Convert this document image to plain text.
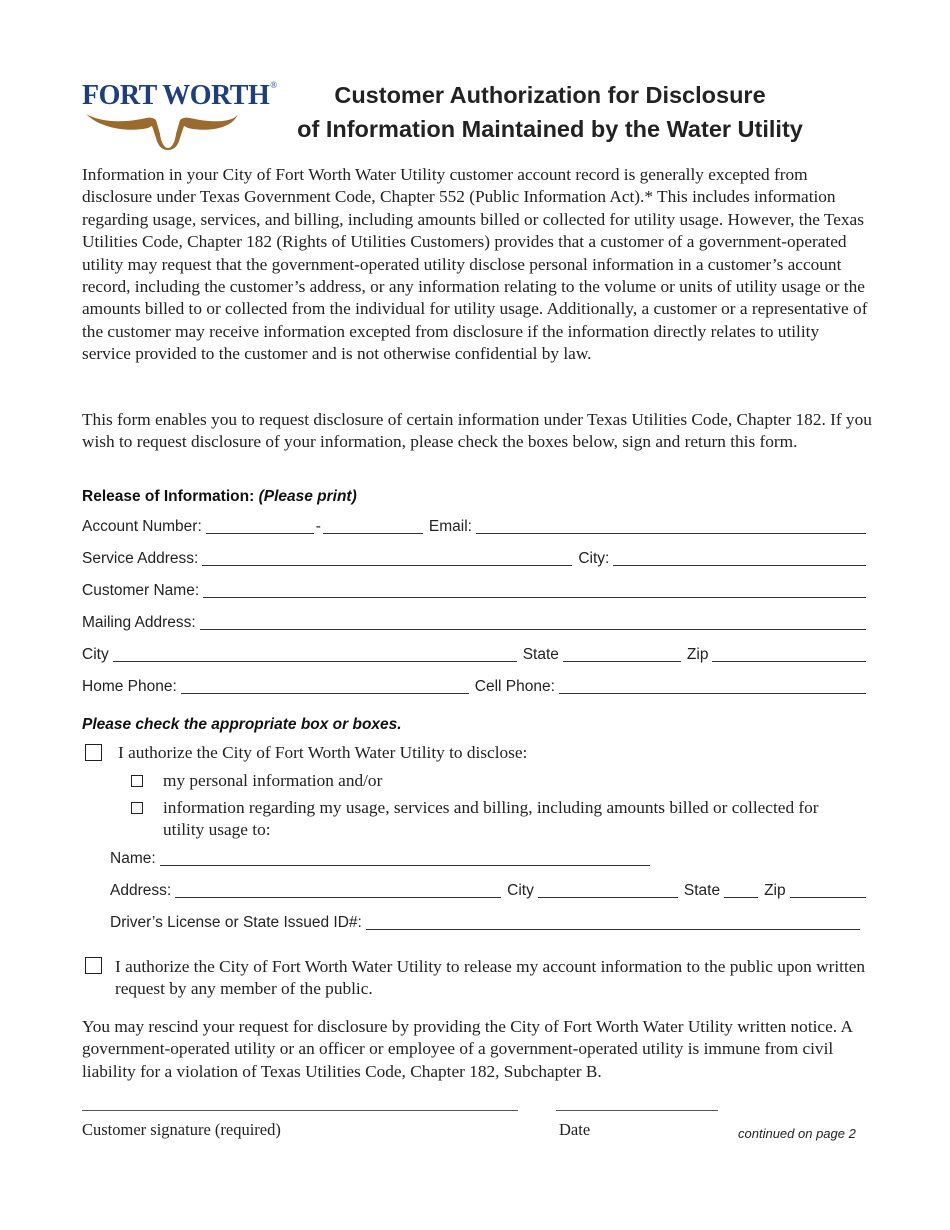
FORT WORTH®	Customer Authorization for Disclosure
of Information Maintained by the Water Utility
Information in your City of Fort Worth Water Utility customer account record is generally excepted from disclosure under Texas Government Code, Chapter 552 (Public Information Act).* This includes information regarding usage, services, and billing, including amounts billed or collected for utility usage. However, the Texas Utilities Code, Chapter 182 (Rights of Utilities Customers) provides that a customer of a government-operated utility may request that the government-operated utility disclose personal information in a customer’s account record, including the customer’s address, or any information relating to the volume or units of utility usage or the amounts billed to or collected from the individual for utility usage. Additionally, a customer or a representative of the customer may receive information excepted from disclosure if the information directly relates to utility service provided to the customer and is not otherwise confidential by law.
This form enables you to request disclosure of certain information under Texas Utilities Code, Chapter 182. If you wish to request disclosure of your information, please check the boxes below, sign and return this form.
Release of Information: (Please print)
Account Number:	-	Email:
Service Address:	City:
Customer Name:
Mailing Address:
City	State	Zip
Home Phone:	Cell Phone:
Please check the appropriate box or boxes.
I authorize the City of Fort Worth Water Utility to disclose:
my personal information and/or
information regarding my usage, services and billing, including amounts billed or collected for utility usage to:
Name:
Address:	City	State	Zip
Driver’s License or State Issued ID#:
I authorize the City of Fort Worth Water Utility to release my account information to the public upon written request by any member of the public.
You may rescind your request for disclosure by providing the City of Fort Worth Water Utility written notice. A government-operated utility or an officer or employee of a government-operated utility is immune from civil liability for a violation of Texas Utilities Code, Chapter 182, Subchapter B.
Customer signature (required)	Date	continued on page 2
